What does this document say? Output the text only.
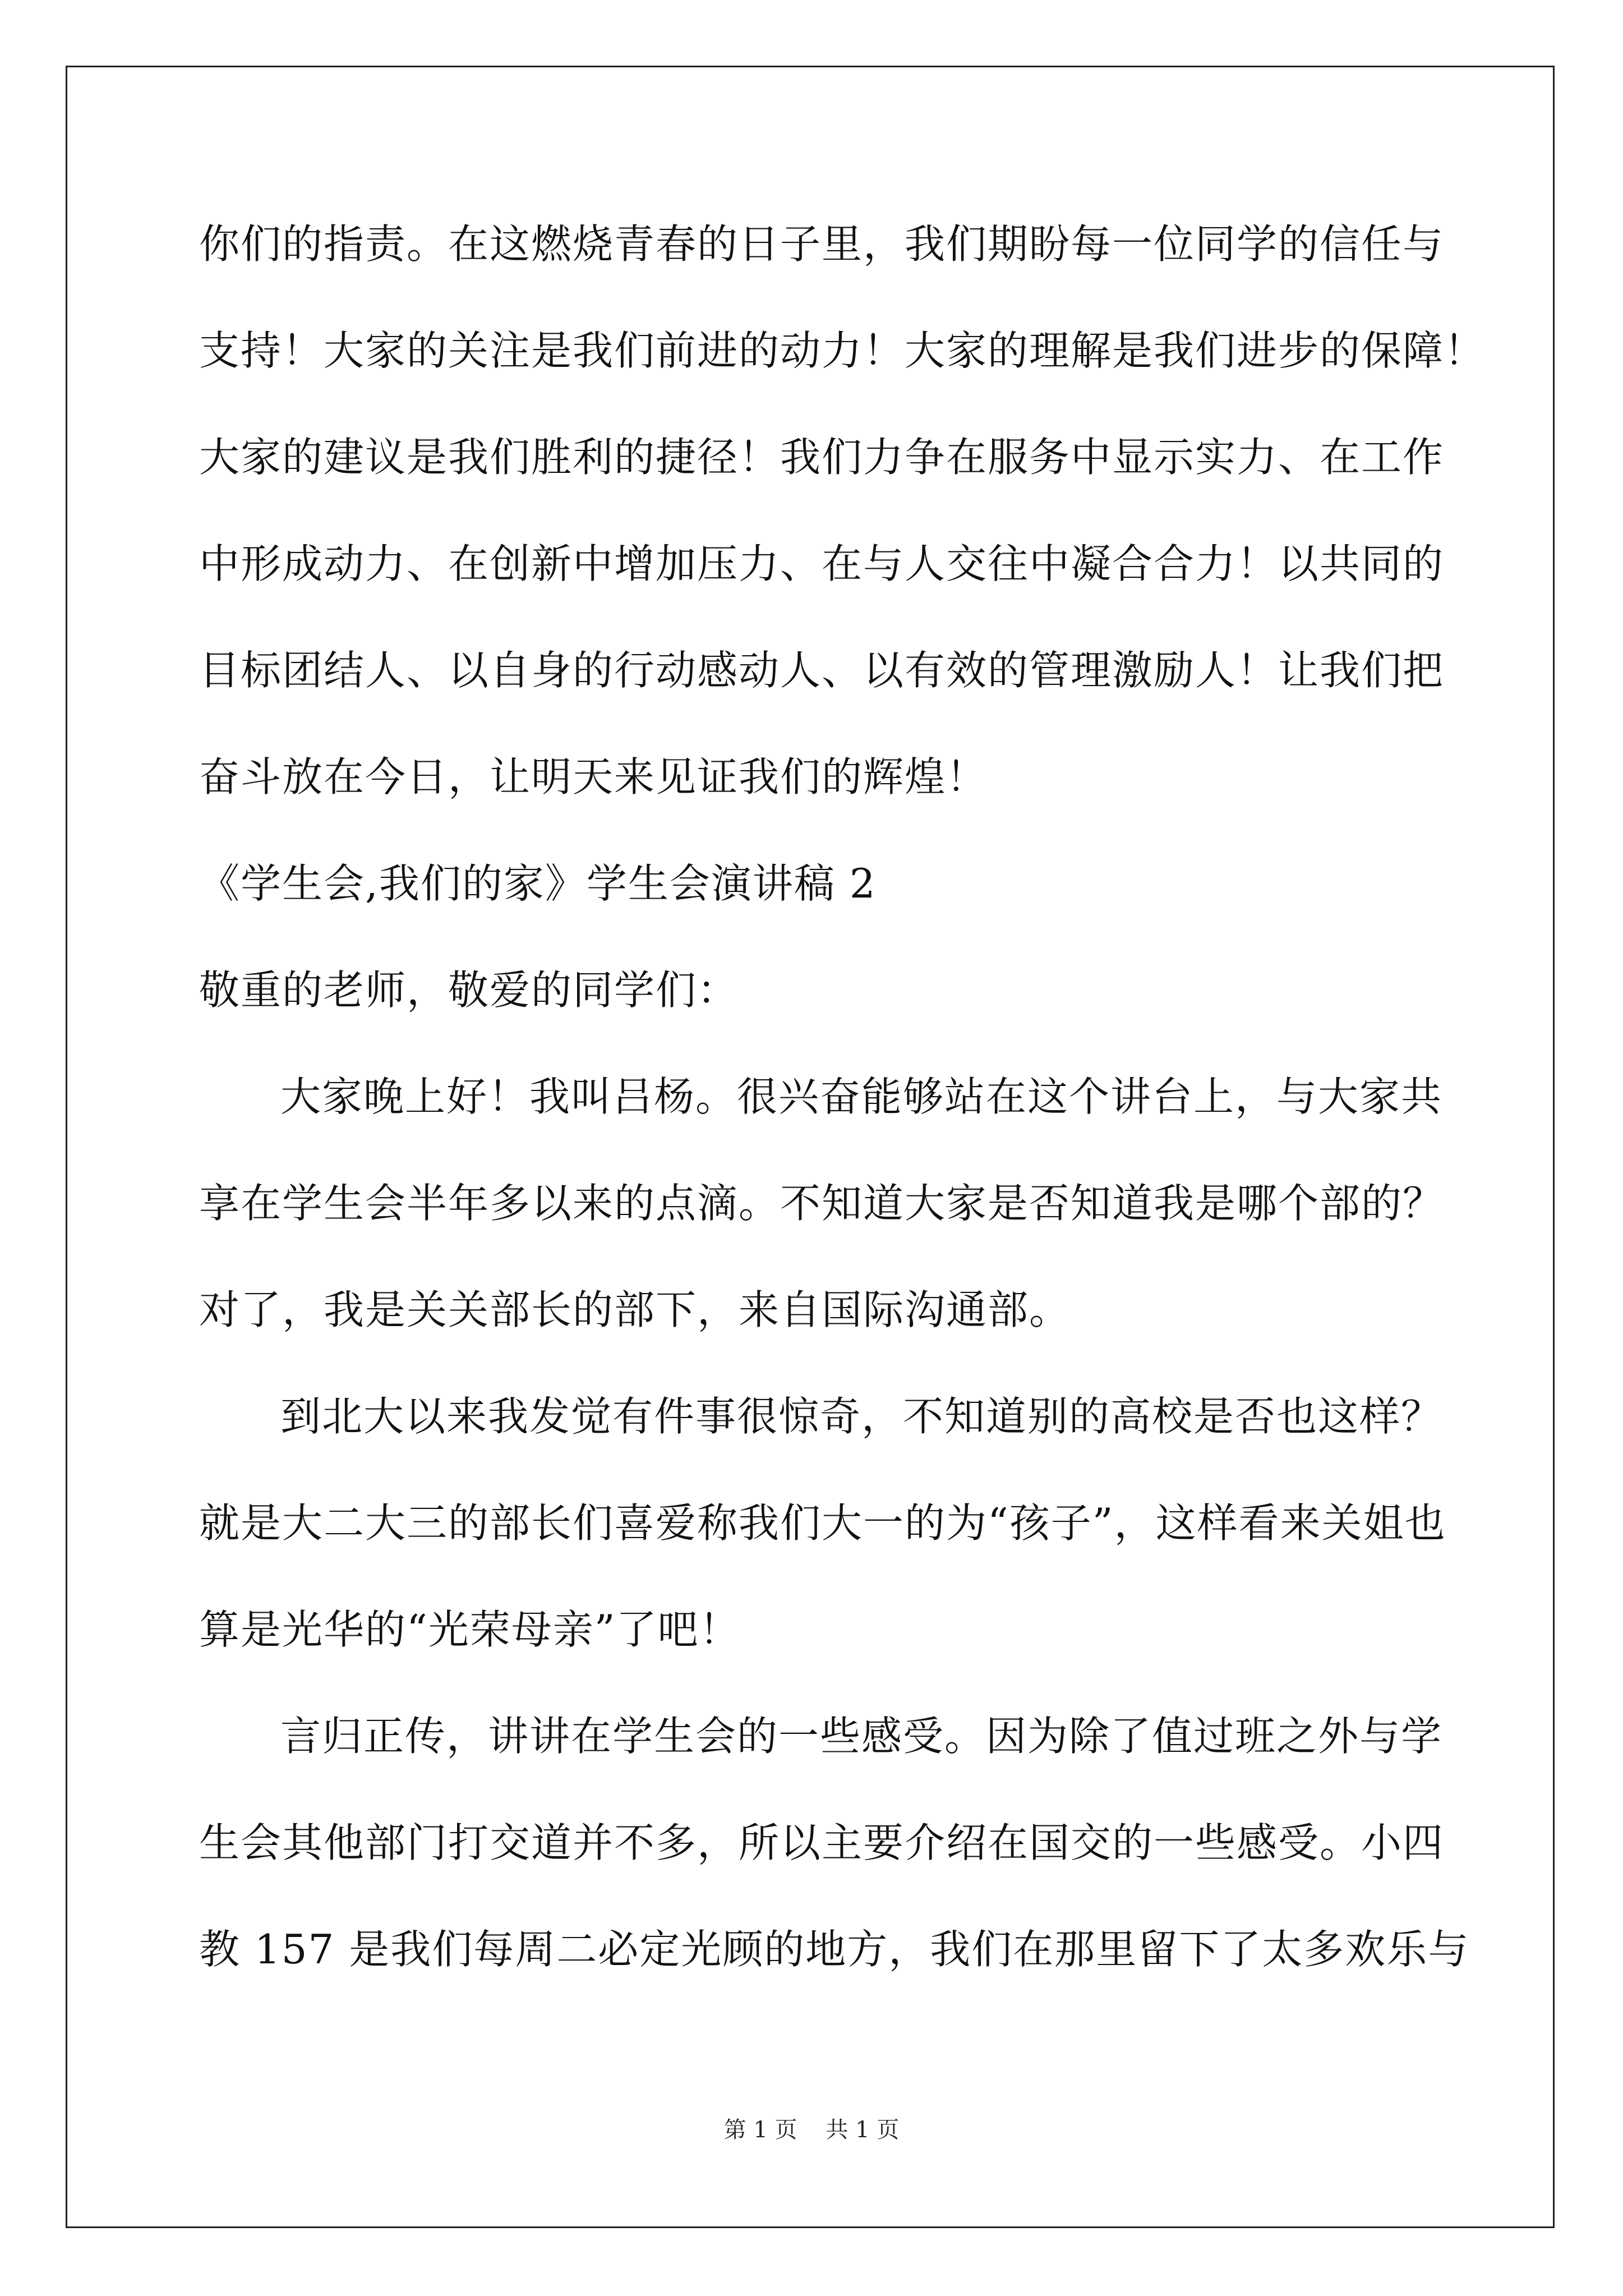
你们的指责。在这燃烧青春的日子里，我们期盼每一位同学的信任与
支持！大家的关注是我们前进的动力！大家的理解是我们进步的保障！
大家的建议是我们胜利的捷径！我们力争在服务中显示实力、在工作
中形成动力、在创新中增加压力、在与人交往中凝合合力！以共同的
目标团结人、以自身的行动感动人、以有效的管理激励人！让我们把
奋斗放在今日，让明天来见证我们的辉煌！
《学生会,我们的家》学生会演讲稿 2
敬重的老师，敬爱的同学们：
大家晚上好！我叫吕杨。很兴奋能够站在这个讲台上，与大家共
享在学生会半年多以来的点滴。不知道大家是否知道我是哪个部的？
对了，我是关关部长的部下，来自国际沟通部。
到北大以来我发觉有件事很惊奇，不知道别的高校是否也这样？
就是大二大三的部长们喜爱称我们大一的为“孩子”，这样看来关姐也
算是光华的“光荣母亲”了吧！
言归正传，讲讲在学生会的一些感受。因为除了值过班之外与学
生会其他部门打交道并不多，所以主要介绍在国交的一些感受。小四
教 157 是我们每周二必定光顾的地方，我们在那里留下了太多欢乐与
第 1 页 共 1 页
